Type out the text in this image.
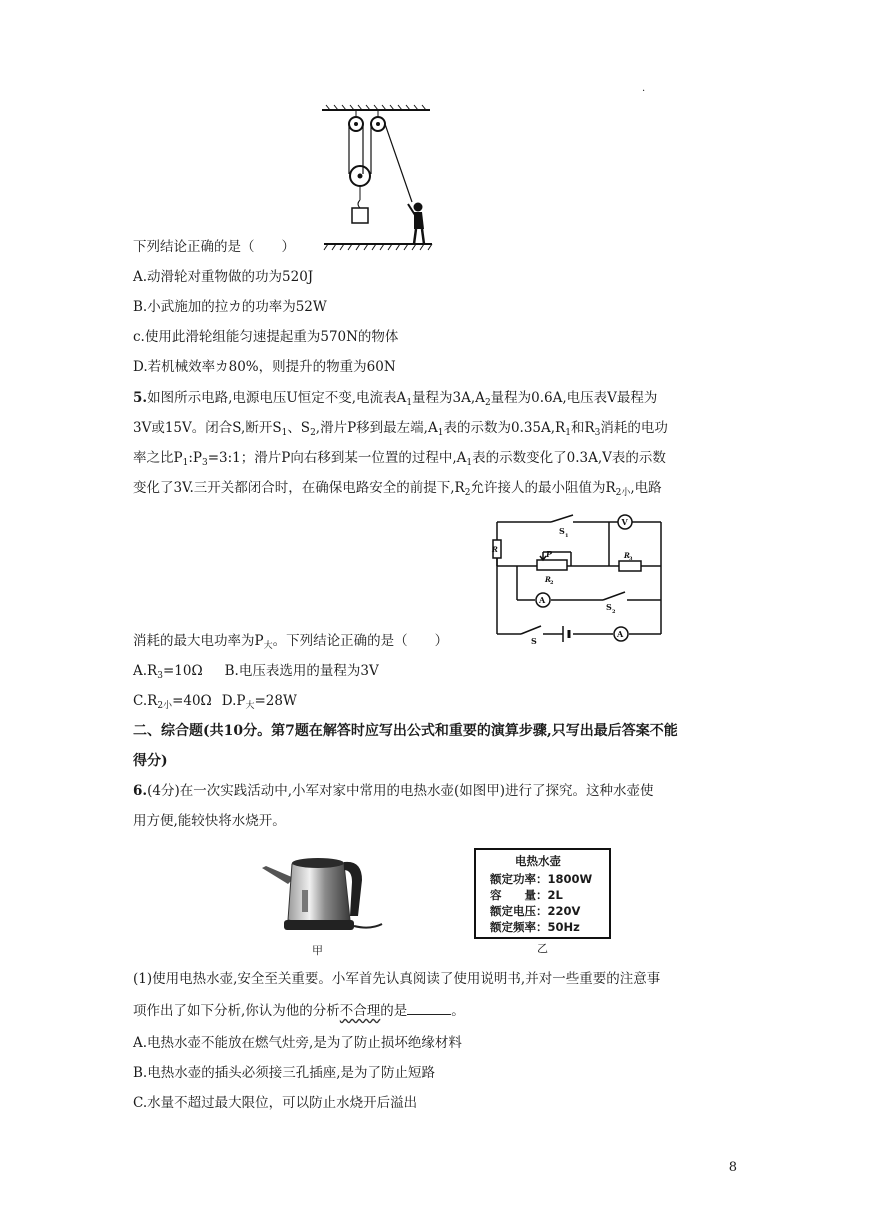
.
下列结论正确的是（　　）
A.动滑轮对重物做的功为520J
B.小武施加的拉カ的功率为52W
c.使用此滑轮组能匀速提起重为570N的物体
D.若机械效率カ80%，则提升的物重为60N
5.如图所示电路,电源电压U恒定不变,电流表$A_1$量程为$3A,A_2$量程为0.6A,电压表V最程为
3V或15V。闭合S,断开$S_1$、$S_2$,滑片P移到最左端$,A_1$表的示数为$0.35A,R_1$和$R_3$消耗的电功
率之比$P_1:P_3=3:1$；滑片P向右移到某一位置的过程中$,A_1$表的示数变化了0.3A,V表的示数
变化了3V.三开关都闭合时，在确保电路安全的前提下$,R_2$允许接人的最小阻值为$R_{2小}$,电路
V
A
A
S 1
R	P
R 2
R 3
S 2
S
消耗的最大电功率为$P_大$。下列结论正确的是（　　）
$A.R_3=10\Omega$ B.电压表选用的量程为3V
$C.R_{2小}=40\Omega$ $D.P_大=28W$
二、综合题(共10分。第7题在解答时应写出公式和重要的演算步骤,只写出最后答案不能
得分)
6.(4分)在一次实践活动中,小军对家中常用的电热水壶(如图甲)进行了探究。这种水壶使
用方便,能较快将水烧开。
甲
电热水壶
额定功率：1800W
容　　量：2L
额定电压：220V
额定频率：50Hz
乙
(1)使用电热水壶,安全至关重要。小军首先认真阅读了使用说明书,并对一些重要的注意事
项作出了如下分析,你认为他的分析不合理的是	。
A.电热水壶不能放在燃气灶旁,是为了防止损坏绝缘材料
B.电热水壶的插头必须接三孔插座,是为了防止短路
C.水量不超过最大限位，可以防止水烧开后溢出
8
